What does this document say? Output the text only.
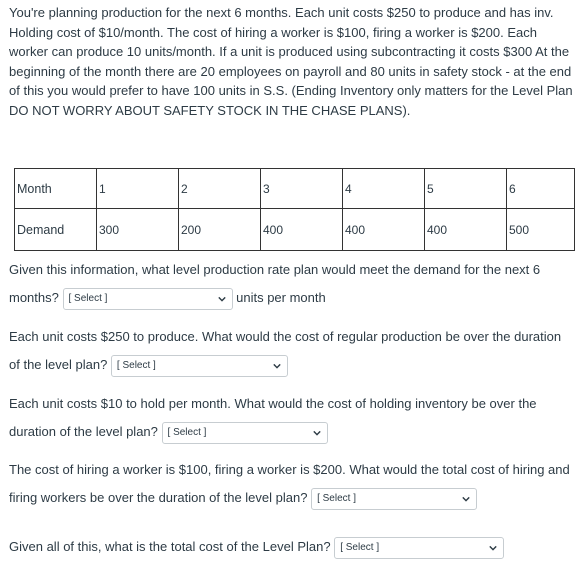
You're planning production for the next 6 months. Each unit costs $250 to produce and has inv. Holding cost of $10/month. The cost of hiring a worker is $100, firing a worker is $200. Each worker can produce 10 units/month. If a unit is produced using subcontracting it costs $300 At the beginning of the month there are 20 employees on payroll and 80 units in safety stock - at the end of this you would prefer to have 100 units in S.S. (Ending Inventory only matters for the Level Plan DO NOT WORRY ABOUT SAFETY STOCK IN THE CHASE PLANS).

Month	1	2	3	4	5	6
Demand	300	200	400	400	400	500

Given this information, what level production rate plan would meet the demand for the next 6 months? [ Select ]	units per month

Each unit costs $250 to produce. What would the cost of regular production be over the duration of the level plan? [ Select ]

Each unit costs $10 to hold per month. What would the cost of holding inventory be over the duration of the level plan? [ Select ]

The cost of hiring a worker is $100, firing a worker is $200. What would the total cost of hiring and firing workers be over the duration of the level plan? [ Select ]

Given all of this, what is the total cost of the Level Plan? [ Select ]
